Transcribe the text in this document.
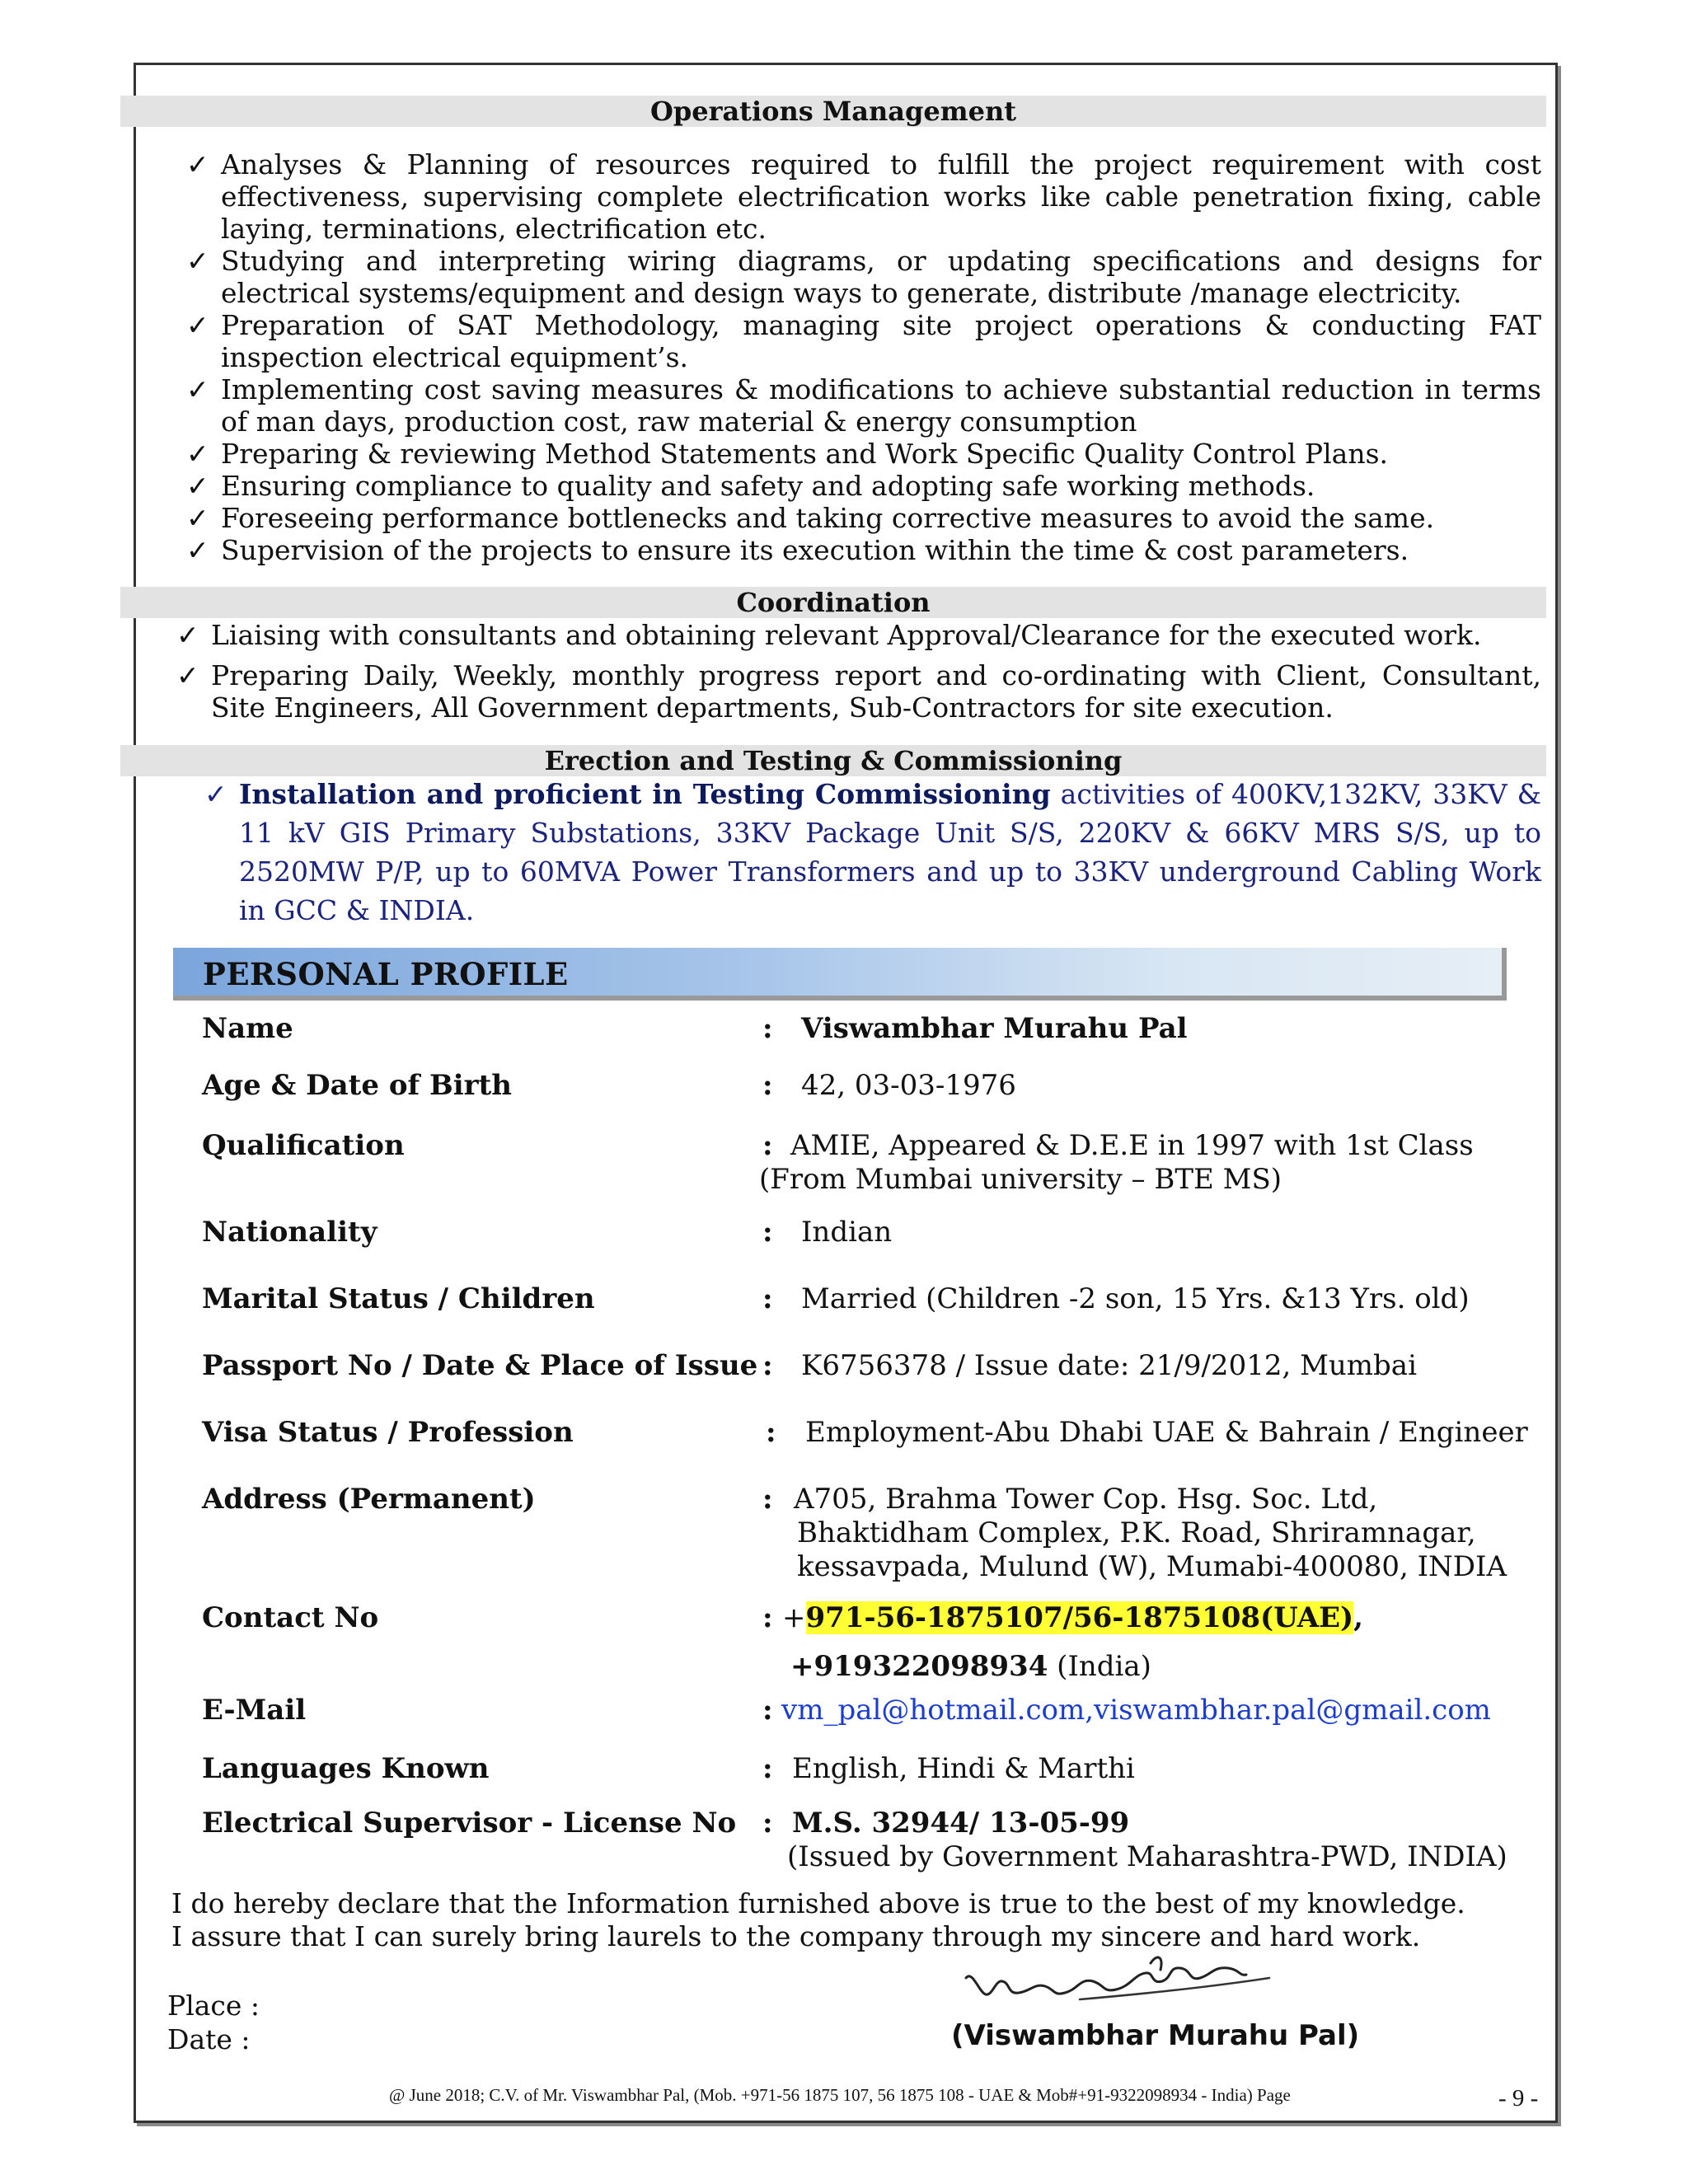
Operations Management
✓ Analyses & Planning of resources required to fulfill the project requirement with cost effectiveness, supervising complete electrification works like cable penetration fixing, cable laying, terminations, electrification etc.
✓ Studying and interpreting wiring diagrams, or updating specifications and designs for electrical systems/equipment and design ways to generate, distribute /manage electricity.
✓ Preparation of SAT Methodology, managing site project operations & conducting FAT inspection electrical equipment’s.
✓ Implementing cost saving measures & modifications to achieve substantial reduction in terms of man days, production cost, raw material & energy consumption
✓ Preparing & reviewing Method Statements and Work Specific Quality Control Plans.
✓ Ensuring compliance to quality and safety and adopting safe working methods.
✓ Foreseeing performance bottlenecks and taking corrective measures to avoid the same.
✓ Supervision of the projects to ensure its execution within the time & cost parameters.
Coordination
✓ Liaising with consultants and obtaining relevant Approval/Clearance for the executed work.
✓ Preparing Daily, Weekly, monthly progress report and co-ordinating with Client, Consultant, Site Engineers, All Government departments, Sub-Contractors for site execution.
Erection and Testing & Commissioning
✓ Installation and proficient in Testing Commissioning activities of 400KV,132KV, 33KV & 11 kV GIS Primary Substations, 33KV Package Unit S/S, 220KV & 66KV MRS S/S, up to 2520MW P/P, up to 60MVA Power Transformers and up to 33KV underground Cabling Work in GCC & INDIA.
PERSONAL PROFILE
Name	: Viswambhar Murahu Pal
Age & Date of Birth	: 42, 03-03-1976
Qualification	: AMIE, Appeared & D.E.E in 1997 with 1st Class
(From Mumbai university – BTE MS)
Nationality	: Indian
Marital Status / Children	: Married (Children -2 son, 15 Yrs. &13 Yrs. old)
Passport No / Date & Place of Issue : K6756378 / Issue date: 21/9/2012, Mumbai
Visa Status / Profession	: Employment-Abu Dhabi UAE & Bahrain / Engineer
Address (Permanent)	: A705, Brahma Tower Cop. Hsg. Soc. Ltd,
Bhaktidham Complex, P.K. Road, Shriramnagar,
kessavpada, Mulund (W), Mumabi-400080, INDIA
Contact No	: +971-56-1875107/56-1875108(UAE),
+919322098934 (India)
E-Mail	: vm_pal@hotmail.com,viswambhar.pal@gmail.com
Languages Known	: English, Hindi & Marthi
Electrical Supervisor - License No : M.S. 32944/ 13-05-99
(Issued by Government Maharashtra-PWD, INDIA)
I do hereby declare that the Information furnished above is true to the best of my knowledge.
I assure that I can surely bring laurels to the company through my sincere and hard work.
Place :
Date :	(Viswambhar Murahu Pal)
@ June 2018; C.V. of Mr. Viswambhar Pal, (Mob. +971-56 1875 107, 56 1875 108 - UAE & Mob#+91-9322098934 - India) Page	- 9 -
